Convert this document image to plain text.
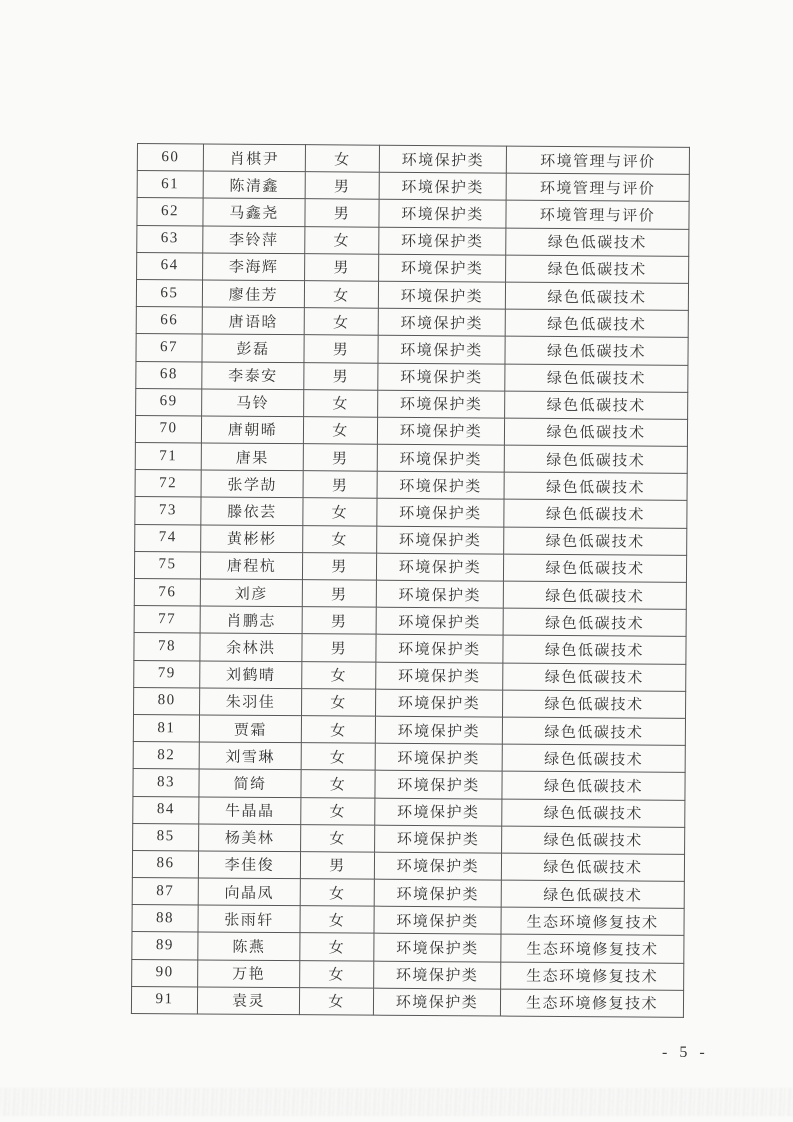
60	肖棋尹	女	环境保护类	环境管理与评价
61	陈清鑫	男	环境保护类	环境管理与评价
62	马鑫尧	男	环境保护类	环境管理与评价
63	李铃萍	女	环境保护类	绿色低碳技术
64	李海辉	男	环境保护类	绿色低碳技术
65	廖佳芳	女	环境保护类	绿色低碳技术
66	唐语晗	女	环境保护类	绿色低碳技术
67	彭磊	男	环境保护类	绿色低碳技术
68	李泰安	男	环境保护类	绿色低碳技术
69	马铃	女	环境保护类	绿色低碳技术
70	唐朝晞	女	环境保护类	绿色低碳技术
71	唐果	男	环境保护类	绿色低碳技术
72	张学劼	男	环境保护类	绿色低碳技术
73	滕依芸	女	环境保护类	绿色低碳技术
74	黄彬彬	女	环境保护类	绿色低碳技术
75	唐程杭	男	环境保护类	绿色低碳技术
76	刘彦	男	环境保护类	绿色低碳技术
77	肖鹏志	男	环境保护类	绿色低碳技术
78	余林洪	男	环境保护类	绿色低碳技术
79	刘鹤晴	女	环境保护类	绿色低碳技术
80	朱羽佳	女	环境保护类	绿色低碳技术
81	贾霜	女	环境保护类	绿色低碳技术
82	刘雪琳	女	环境保护类	绿色低碳技术
83	简绮	女	环境保护类	绿色低碳技术
84	牛晶晶	女	环境保护类	绿色低碳技术
85	杨美林	女	环境保护类	绿色低碳技术
86	李佳俊	男	环境保护类	绿色低碳技术
87	向晶凤	女	环境保护类	绿色低碳技术
88	张雨轩	女	环境保护类	生态环境修复技术
89	陈燕	女	环境保护类	生态环境修复技术
90	万艳	女	环境保护类	生态环境修复技术
91	袁灵	女	环境保护类	生态环境修复技术
- 5 -
